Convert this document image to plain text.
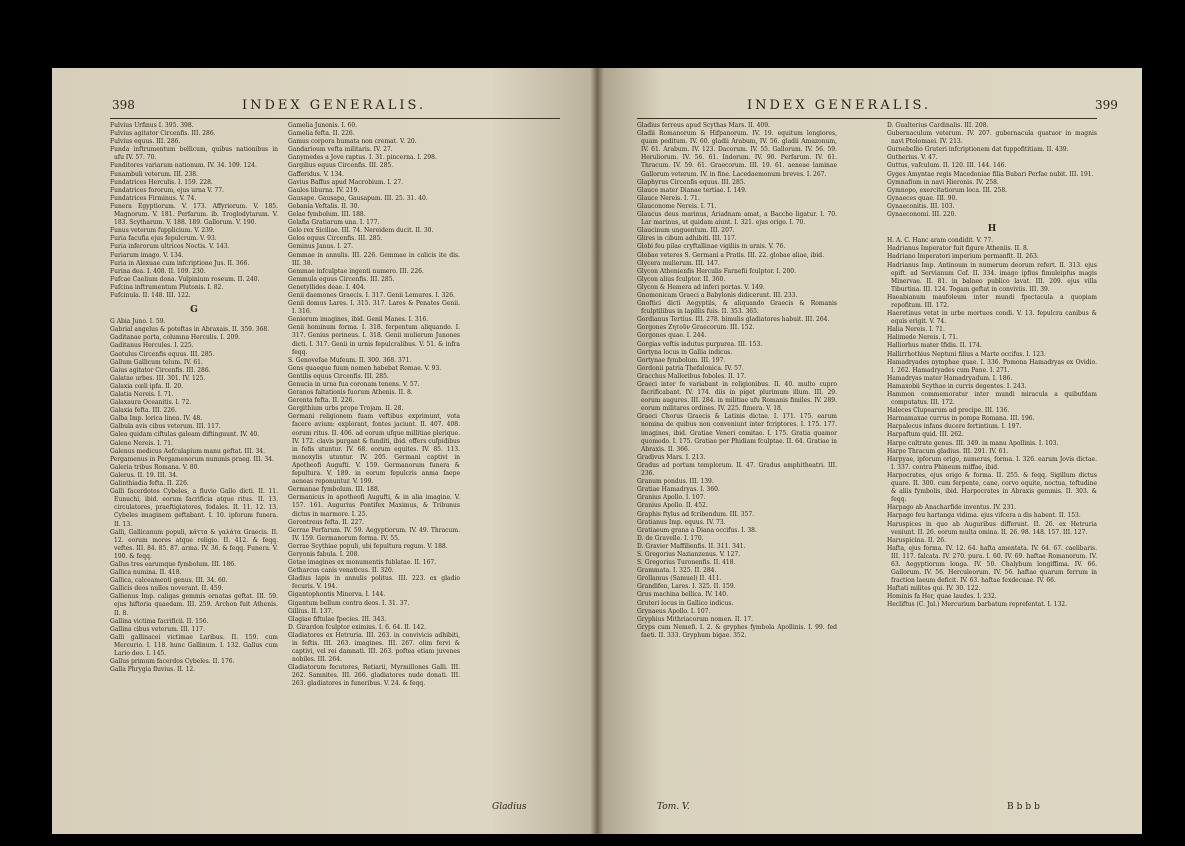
398	INDEX GENERALIS.

Fulvius Urfinus I. 395. 398.

Fulvius agitator Circenfis. III. 286.

Fulvius equus. III. 286.

Funda inftrumentum bellicum, quibus nationibus in ufu IV. 57. 70.

Funditores variarum nationum. IV. 34. 109. 124.

Funambuli veterum. III. 238.

Fundatrices Herculis. I. 159. 228.

Fundatrices fororum, ejus urna V. 77.

Fundatrices Firminus. V. 74.

Funera Egyptiorum. V. 173. Affyriorum. V. 185. Magnorum. V. 181. Perfarum. ib. Troglodytarum. V. 183. Scytharum. V. 188. 189. Gallorum. V. 190.

Funus veterum fupplicium. V. 239.

Furia facufia ejus fepulcrum. V. 93.

Furia inferorum ultrices Noctis. V. 143.

Furiarum imago. V. 134.

Furia in Alexuae cum infcriptione Jus. II. 366.

Furina dea. I. 408. II. 109. 230.

Fufcae Caelium dona. Vulpinium roseum. II. 240.

Fufcina inftrumentum Plutonis. I. 82.

Fufcinula. II. 148. III. 122.

G

G Abia Juno. I. 59.

Gabrial angelus & poteftas in Abraxais. II. 359. 368.

Gaditanae porta, columna Herculis. I. 209.

Gaditanus Hercules. I. 225.

Gaetulus Circenfis equus. III. 285.

Gallum Gallicum telum. IV. 61.

Gaius agitator Circenfis. III. 286.

Galatae urbes. III. 301. IV. 125.

Galaxia cœli ipfa. II. 20.

Galatia Nereis. I. 71.

Galaxaura Oceanitis. I. 72.

Galaxia fefta. III. 226.

Galba Imp. lorica linea. IV. 48.

Galbula avis cibus veterum. III. 117.

Galea quidam ciftulas galeam diftinguunt. IV. 40.

Galene Nereis. I. 71.

Galenus medicus Aefculapium manu geftat. III. 34.

Pergamenus in Pergamenorum nummis praeg. III. 34.

Galeria tribus Romana. V. 80.

Galerus. II. 19. III. 34.

Galinthiadia fefta. II. 226.

Galli facerdotes Cybeles, a fluvio Gallo dicti. II. 11. Eunuchi, ibid. eorum facrificia atque ritus. II. 13. circulatores, praeftigiatores, fodales. II. 11. 12. 13. Cybeles imaginem geftabant. I. 10. ipforum funera. II. 13.

Galli, Gallicanum populi, κάττα & γαλάτα Graecis. II. 12. eorum mores atque religio. II. 412. & feqq. veftes. III. 84. 85. 87. arma. IV. 36. & feqq. Funera. V. 190. & feqq.

Gallus tres earumque fymbolum. III. 186.

Gallica numina. II. 418.

Gallica, calceamenti genus. III. 34. 60.

Gallicis deos nullos noverant. II. 459.

Gallienus Imp. caligas gemmis ornatas geftat. III. 59. ejus hiftoria quaedam. III. 259. Archon fuit Athenis. II. 8.

Gallina victima facrificii. II. 156.

Gallina cibus veterum. III. 117.

Galli gallinacei victimae Laribus. II. 159. cum Mercurio. I. 118. hunc Gallinum. I. 132. Gallus cum Lario deo. I. 145.

Gallus primum facerdos Cybeles. II. 176.

Galla Phrygia fluvius. II. 12.

Gamelia Junonis. I. 60.

Gamelia fefta. II. 226.

Gamus corpora humata non cremat. V. 20.

Gandarioum vefta militaris. IV. 27.

Ganymedes a Jove raptus. I. 31. pincerna. I. 298.

Gargilius equus Circenfis. III. 285.

Gafferidus. V. 134.

Gavius Baffus apud Macrobium. I. 27.

Gaulos liburna. IV. 219.

Gausape. Gausapa, Gausapum. III. 25. 31. 40.

Gebania Veftalis. II. 30.

Gelae fymbolum. III. 188.

Gelafia Gratiarum una. I. 177.

Gelo rex Siciliae. III. 74. Nereidem ducit. II. 30.

Gelos equus Circenfis. III. 285.

Geminus Janus. I. 27.

Gemmae in annulis. III. 226. Gemmae in calicis ite dis. III. 38.

Gemmae infculptae ingenti numero. III. 226.

Gemmula equus Circenfis. III. 285.

Genetyllides deae. I. 404.

Genii daemones Graecis. I. 317. Genii Lemures. I. 326.

Genii domus Lares. I. 315. 317. Lares & Penates Genii. I. 316.

Geniorum imagines, ibid. Genii Manes. I. 316.

Genii hominum forma. I. 318. ferpentum aliquando. I. 317. Genius perineus. I. 318. Genii mulierum Junones dicti. I. 317. Genii in urnis fepulcralibus. V. 51. & infra feqq.

S. Genovefae Mufeum. II. 300. 368. 371.

Gens quaeque fuum nomen habebat Romae. V. 93.

Gentilis equus Circenfis. III. 285.

Genucia in urna fua coronam tenens. V. 57.

Geranos faltationis fuorum Athenis. II. 8.

Gerenta fefta. II. 226.

Gergithium urbs prope Trojam. II. 28.

Germani religionem fuam veftibus exprimunt, vota facere avium: explorant, fontes jaciunt. II. 407. 408. eorum ritus. II. 406. ad eorum ufque millitiae plerique. IV. 172. clavis purgant & funditi, ibid. offers cufpidibus in fefis utuntur. IV. 68. eorum equites. IV. 85. 113. monoxylis utuntur. IV. 205. Germani captivi in Apotheofi Augufti. V. 159. Germanorum funera & fepultura. V. 189. in eorum fepulcris anma faepe aeneas reponuntur. V. 199.

Germanae fymbolum. III. 188.

Germanicus in apotheofi Augufti, & in alia imagine. V. 157. 161. Augurius Pontifex Maximus, & Tribunus dictus in marmore. I. 25.

Gerontreus fefta. II. 227.

Gerrae Perfarum. IV. 59. Aegyptiorum. IV. 49. Thracum. IV. 159. Germanorum forma. IV. 55.

Gerrae Scythiae populi, ubi fepultura regum. V. 188.

Geryonis fabula. I. 208.

Getae imagines ex monumentis fublatae. II. 167.

Getharcus canis venaticus. II. 320.

Gladius lapis in annulis politus. III. 223. ex gladio fecuris. V. 194.

Gigantophontis Minerva. I. 144.

Gigantum bellum contra deos. I. 31. 37.

Gillius. II. 137.

Glagiae fiftulae fpecies. III. 343.

D. Girardon fculptor eximius. I. 6. 64. II. 142.

Gladiatores ex Hetruria. III. 263. in convivicis adhibiti, in feftis. III. 263. imagines. III. 267. olim fervi & captivi, vel rei damnati. III. 263. poftea etiam juvenes nobiles. III. 264.

Gladiatorum fecutores, Retiarii, Myrmillones Galli. III. 262. Samnites. III. 266. gladiatores nude donati. III. 263. gladiatores in funeribus. V. 24. & feqq.

Gladius
INDEX GENERALIS.	399

Gladius ferreus apud Scythas Mars. II. 409.

Gladii Romanorum & Hifpanorum. IV. 19. equitum longiores, quam peditum. IV. 60. gladii Arabum, IV. 56. gladii Amazonum, IV. 61. Arabum. IV. 123. Dacorum. IV. 55. Gallorum. IV. 56. 59. Heruliorum. IV. 56. 61. Indorum. IV. 90. Perfarum. IV. 61. Thracum. IV. 59. 61. Graecorum. III. 19. 61. aeneae laminae Gallorum veterum. IV. in fine. Lacedaemonum breves. I. 267.

Glaphyrus Circenfis equus. III. 285.

Glauce mater Dianae tertiae. I. 149.

Glauce Nereis. I. 71.

Glauconome Nereis. I. 71.

Glaucus deus marinus, Ariadnam amat, a Baccho ligatur. I. 70. Lar marinus, ut quidam aiunt. I. 321. ejus origo. I. 70.

Glaucinum unguentum. III. 207.

Glires in cibum adhibiti. III. 117.

Globi feu pilae cryftallinae vigiliis in urnis. V. 76.

Globae veteres S. Germani a Pratis. III. 22. globae aliae, ibid.

Glycera mulierum. III. 147.

Glycon Athenienfis Herculis Farnefii fculptor. I. 200.

Glycon alius fculptor. II. 360.

Glycon & Hemera ad inferi portas. V. 149.

Gnomonicam Graeci a Babylonis didicerunt. III. 233.

Gnoftici dicti Aegyptiis, & aliquando Graecis & Romanis fculptilibus in lapillis fuis. II. 353. 365.

Gordianus Tertius. III. 278. bimulis gladiatores habuit. III. 264.

Gorgones Ζητοῦν Graecorum. III. 152.

Gorgones quae. I. 244.

Gorgias veftis indutus purpurea. III. 153.

Gortyna locus in Gallia indicus.

Gortynae fymbolum. III. 197.

Gordonii patria Thefalonica. IV. 57.

Gracchus Malloribus foboles. II. 17.

Graeci inter fe variabant in religionibus. II. 40. multo cupro facrificabant. IV. 174. diis in piget plurimum illum. III. 29. eorum augures. III. 284. in militiae ufu Romanis fimiles. IV. 289. eorum militares ordines. IV. 225. fimera. V. 18.

Graeci Chorus Graecis & Latinis dictae. I. 171. 175. earum nomina de quibus non conveniunt inter fcriptores. I. 175. 177. imagines, ibid. Gratiae Veneri comitae. I. 175. Gratia quamor quomodo. I. 175. Gratiae per Phidiam fculptae. II. 64. Gratiae in Abraxis. II. 366.

Gradivus Mars. I. 213.

Gradus ad portum templorum. II. 47. Gradus amphitheatri. III. 236.

Granum pondus. III. 139.

Gratiae Hamadryas. I. 360.

Granius Apollo. I. 107.

Granius Apollo. II. 452.

Graphis ftylus ad fcribendum. III. 357.

Gratianus Imp. equus. IV. 73.

Gratiaeum grana a Diana occifus. I. 38.

D. de Gravelle. I. 170.

D. Gravier Maffilienfis. II. 311. 341.

S. Gregorius Nazianzenus. V. 127.

S. Gregorius Turonenfis. II. 418.

Grammata. I. 325. II. 284.

Grollamus (Samuel) II. 411.

Grandifen, Lares. I. 325. II. 159.

Grus machina bellica. IV. 140.

Gruteri locus in Gallico indicus.

Grynaeus Apollo. I. 107.

Gryphius Mithriacorum nomen. II. 17.

Gryps cum Nemefi. I. 2. & gryphes fymbola Apollinis. I. 99. fed faeti. II. 333. Gryphum bigae. 352.

D. Gualterius Cardinalis. III. 208.

Gubernaculum veterum. IV. 207. gubernacula quatuor in magnis navi Ptolomaei. IV. 213.

Gurnebellio Gruteri infcriptionem dat fuppofititiam. II. 439.

Gutherius. V. 47.

Guttus, vafculum. II. 120. III. 144. 146.

Gyges Amyntae regis Macedoniae filia Bubari Perfae nubit. III. 191.

Gymnafium in navi Hieronis. IV. 258.

Gymnopo, exercitatiorum loca. III. 258.

Gynaeces quae. III. 90.

Gynaeconitis. III. 103.

Gynaeconomi. III. 220.

H

H. A. C. Hanc aram condidit. V. 77.

Hadrianus Imperator fuit figure Atheniis. II. 8.

Hadriano Imperatori imperium permanfit. II. 263.

Hadrianus Imp. Antinoum in numerum deorum refert. II. 313. ejus epift. ad Servianum Cof. II. 334. imago ipfius fimuleipfus magis Minervae. II. 81. in balneo publico lavat. III. 209. ejus villa Tiburtina. III. 124. Togam geftat in conviviis. III. 39.

Haeabianum maufoleum inter mundi fpectacula a quopiam repofitum. III. 172.

Haeretinus vetat in urbe mortuos condi. V. 13. fepulcra canibus & equis erigit. V. 74.

Halia Nereis. I. 71.

Halimede Nereis. I. 71.

Halliorhus mater Ifidis. II. 174.

Hallirrhothius Neptuni filius a Marte occifus. I. 123.

Hamadryades nymphae quae. I. 336. Pomona Hamadryas ex Ovidio. I. 262. Hamadryades cum Pane. I. 271.

Hamadryas mater Hamadryadum. I. 186.

Hamaxobii Scythae in curris degentes. I. 243.

Hammon commemoratur inter mundi miracula a quibufdam computatus. III. 172.

Haleces Clupearum ad precipe. III. 136.

Harmamaxae currus in pompa Romana. III. 196.

Harpalecus infans ducere fertintium. I. 197.

Harpaftum quid. III. 262.

Harpe cultrate genus. III. 349. in manu Apollinis. I. 103.

Harpe Thracum gladius. III. 291. IV. 61.

Harpyae, ipforum origo, numerus, forma. I. 326. earum Jovis dictae. I. 337. contra Phineum miffae, ibid.

Harpocrates, ejus origo & forma. II. 255. & feqq. Sigillum dictus quare. II. 300. cum ferpente, cane, corvo equite, noctua, teftudine & aliis fymbolis, ibid. Harpocrates in Abraxis gemmis. II. 303. & feqq.

Harpago ab Anacharfide inventus. IV. 231.

Harpago feu hartanga vidima. ejus vifcera a dis habent. II. 153.

Haruspices in quo ab Auguribus differunt. II. 26. ex Hetruria veniunt. II. 26. eorum multa omina. II. 26. 98. 148. 157. III. 127.

Haruspicina. II. 26.

Hafta, ejus forma. IV. 12. 64. hafta amentata. IV. 64. 67. caelibaris. III. 117. falcata. IV. 270. pura. I. 60. IV. 69. haftae Romanorum. IV. 63. Aegyptiorum longa. IV. 50. Chalybum longiffima. IV. 66. Gallorum. IV. 56. Herculeorum. IV. 56. haftae quarum ferrum in fraction laeum deficit. IV. 63. haftae fexdecuae. IV. 66.

Haftati milites qui. IV. 30. 122.

Hominis fa Her, quae laudes. I. 232.

Hecliftus (C. Jul.) Mercurium barbatum reprefentat. I. 132.

Tom. V.	Bbbb
